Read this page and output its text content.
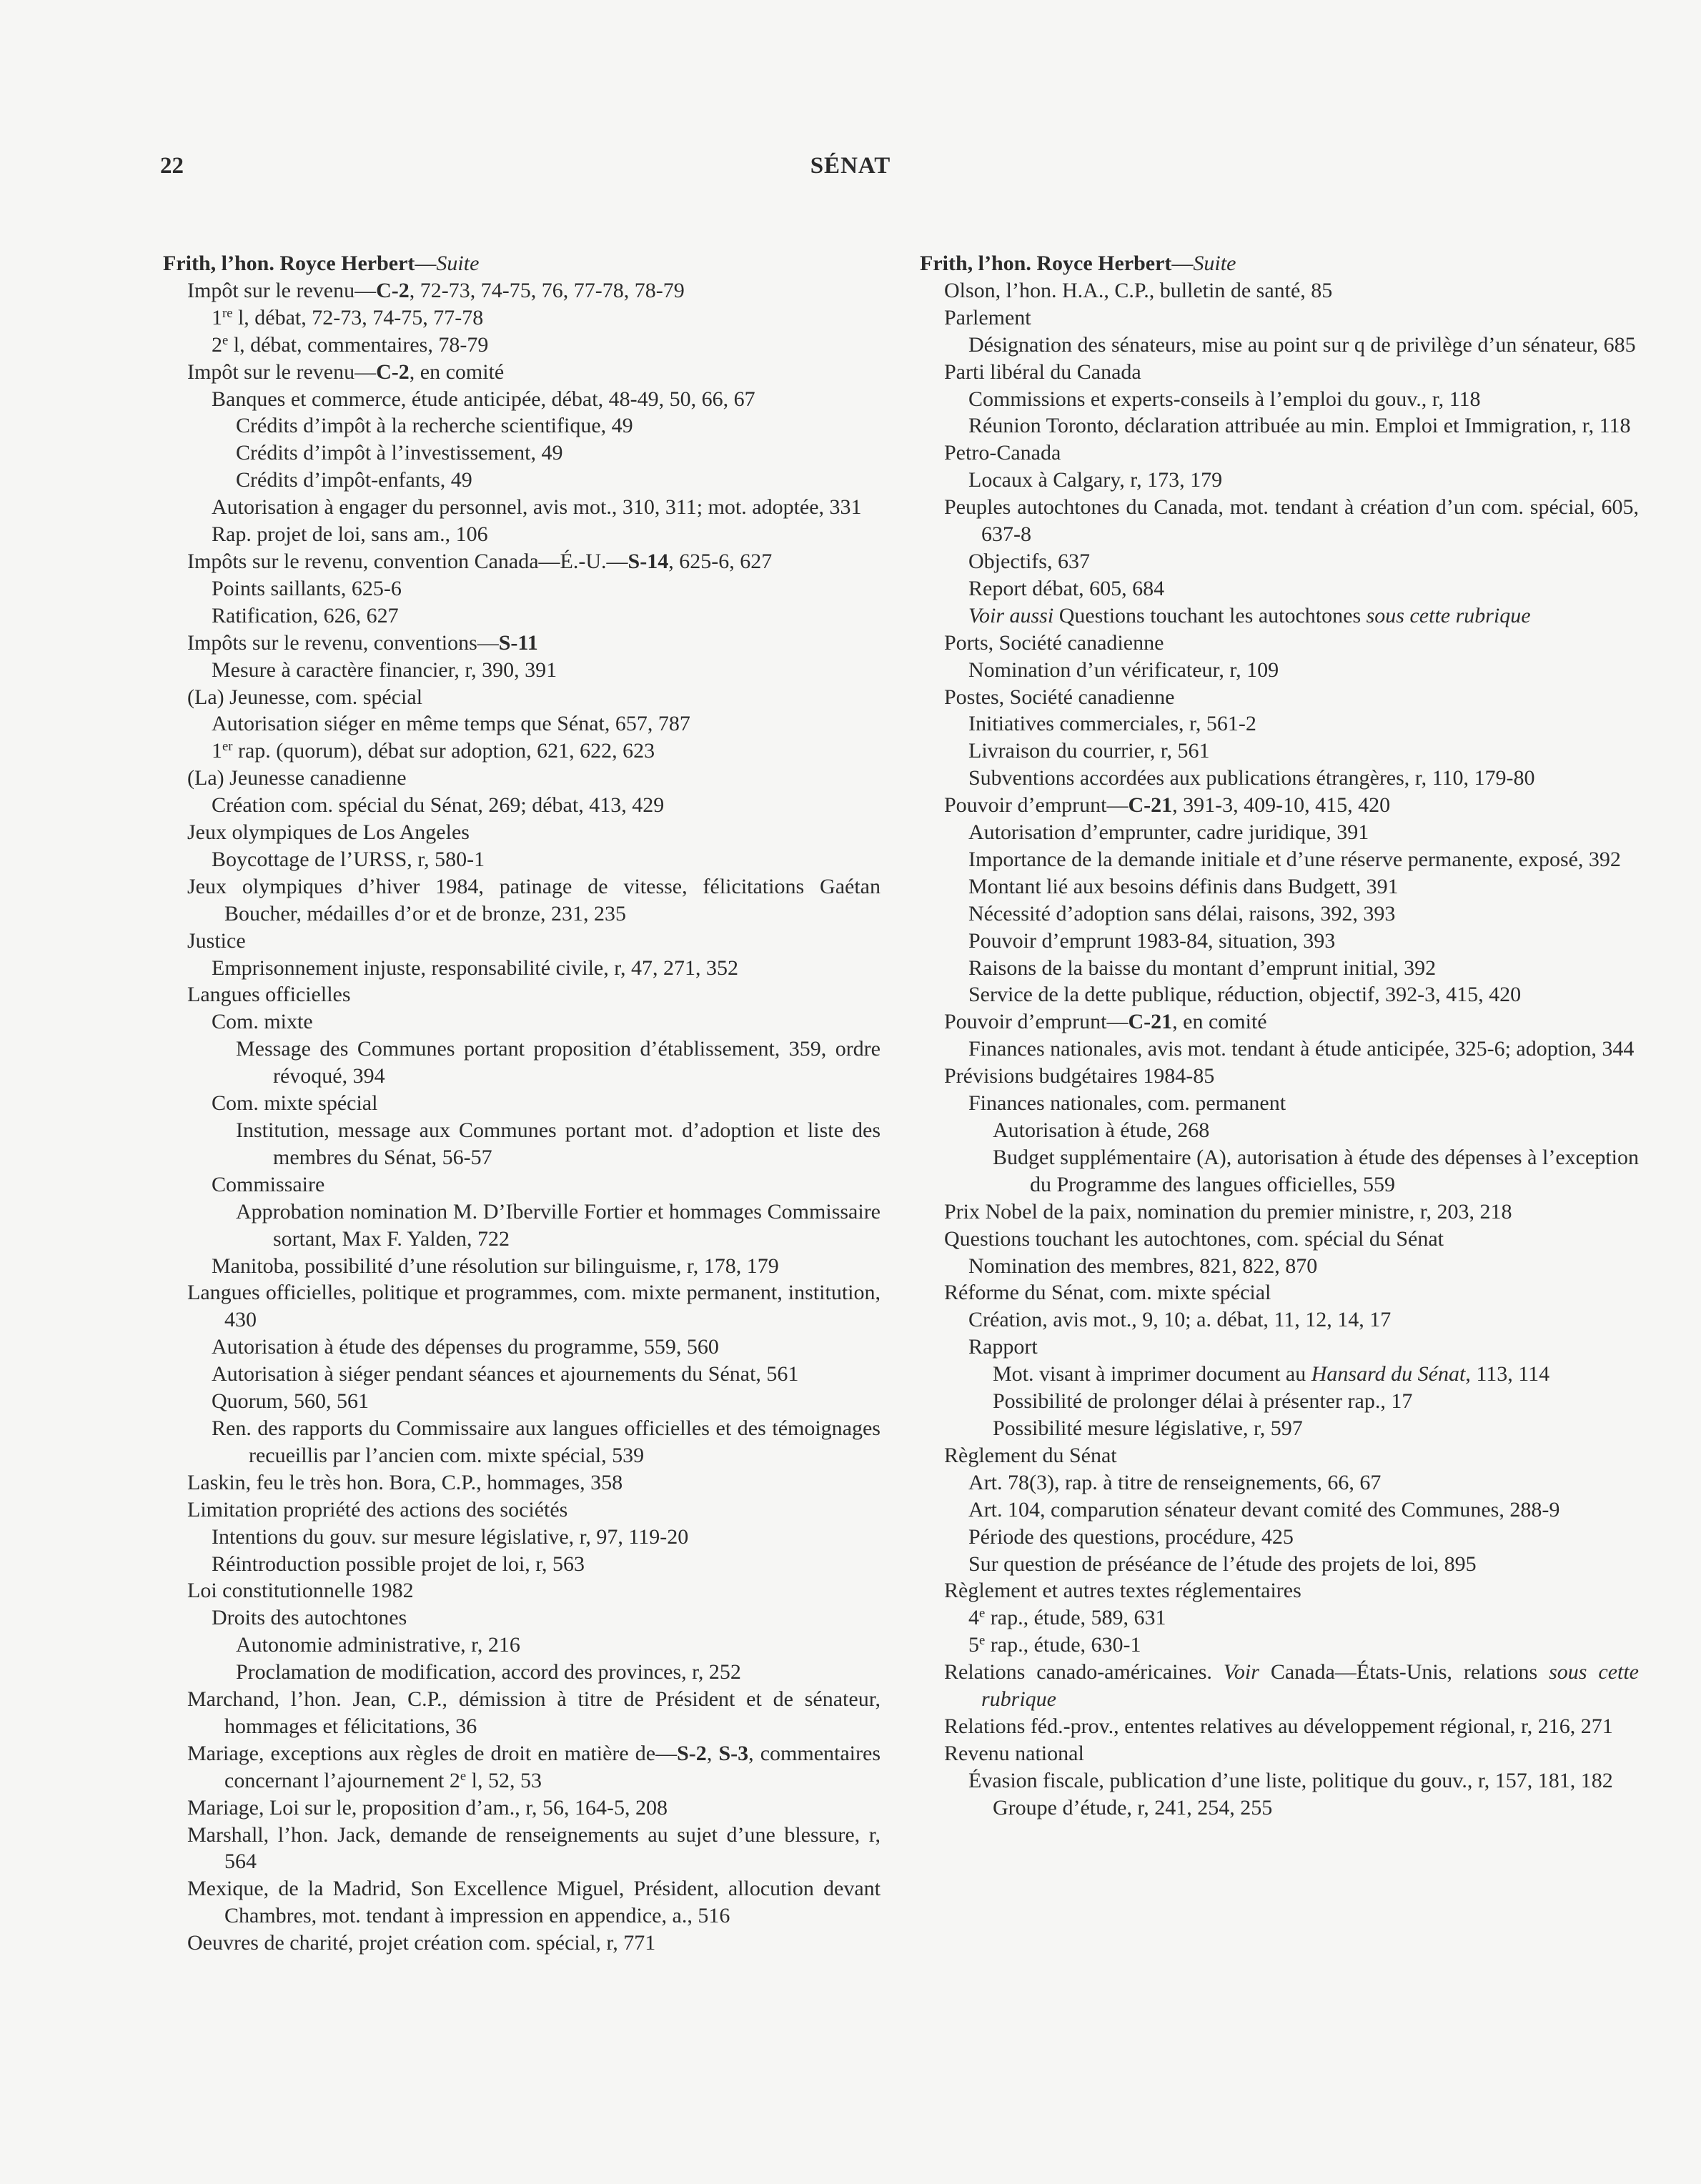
22	SÉNAT
Frith, l’hon. Royce Herbert—Suite
Impôt sur le revenu—C-2, 72-73, 74-75, 76, 77-78, 78-79
1re l, débat, 72-73, 74-75, 77-78
2e l, débat, commentaires, 78-79
Impôt sur le revenu—C-2, en comité
Banques et commerce, étude anticipée, débat, 48-49, 50, 66, 67
Crédits d’impôt à la recherche scientifique, 49
Crédits d’impôt à l’investissement, 49
Crédits d’impôt-enfants, 49
Autorisation à engager du personnel, avis mot., 310, 311; mot. adoptée, 331
Rap. projet de loi, sans am., 106
Impôts sur le revenu, convention Canada—É.-U.—S-14, 625-6, 627
Points saillants, 625-6
Ratification, 626, 627
Impôts sur le revenu, conventions—S-11
Mesure à caractère financier, r, 390, 391
(La) Jeunesse, com. spécial
Autorisation siéger en même temps que Sénat, 657, 787
1er rap. (quorum), débat sur adoption, 621, 622, 623
(La) Jeunesse canadienne
Création com. spécial du Sénat, 269; débat, 413, 429
Jeux olympiques de Los Angeles
Boycottage de l’URSS, r, 580-1
Jeux olympiques d’hiver 1984, patinage de vitesse, félicitations Gaétan Boucher, médailles d’or et de bronze, 231, 235
Justice
Emprisonnement injuste, responsabilité civile, r, 47, 271, 352
Langues officielles
Com. mixte
Message des Communes portant proposition d’établissement, 359, ordre révoqué, 394
Com. mixte spécial
Institution, message aux Communes portant mot. d’adoption et liste des membres du Sénat, 56-57
Commissaire
Approbation nomination M. D’Iberville Fortier et hommages Commissaire sortant, Max F. Yalden, 722
Manitoba, possibilité d’une résolution sur bilinguisme, r, 178, 179
Langues officielles, politique et programmes, com. mixte permanent, institution, 430
Autorisation à étude des dépenses du programme, 559, 560
Autorisation à siéger pendant séances et ajournements du Sénat, 561
Quorum, 560, 561
Ren. des rapports du Commissaire aux langues officielles et des témoignages recueillis par l’ancien com. mixte spécial, 539
Laskin, feu le très hon. Bora, C.P., hommages, 358
Limitation propriété des actions des sociétés
Intentions du gouv. sur mesure législative, r, 97, 119-20
Réintroduction possible projet de loi, r, 563
Loi constitutionnelle 1982
Droits des autochtones
Autonomie administrative, r, 216
Proclamation de modification, accord des provinces, r, 252
Marchand, l’hon. Jean, C.P., démission à titre de Président et de sénateur, hommages et félicitations, 36
Mariage, exceptions aux règles de droit en matière de—S-2, S-3, commentaires concernant l’ajournement 2e l, 52, 53
Mariage, Loi sur le, proposition d’am., r, 56, 164-5, 208
Marshall, l’hon. Jack, demande de renseignements au sujet d’une blessure, r, 564
Mexique, de la Madrid, Son Excellence Miguel, Président, allocution devant Chambres, mot. tendant à impression en appendice, a., 516
Oeuvres de charité, projet création com. spécial, r, 771
Frith, l’hon. Royce Herbert—Suite
Olson, l’hon. H.A., C.P., bulletin de santé, 85
Parlement
Désignation des sénateurs, mise au point sur q de privilège d’un sénateur, 685
Parti libéral du Canada
Commissions et experts-conseils à l’emploi du gouv., r, 118
Réunion Toronto, déclaration attribuée au min. Emploi et Immigration, r, 118
Petro-Canada
Locaux à Calgary, r, 173, 179
Peuples autochtones du Canada, mot. tendant à création d’un com. spécial, 605, 637-8
Objectifs, 637
Report débat, 605, 684
Voir aussi Questions touchant les autochtones sous cette rubrique
Ports, Société canadienne
Nomination d’un vérificateur, r, 109
Postes, Société canadienne
Initiatives commerciales, r, 561-2
Livraison du courrier, r, 561
Subventions accordées aux publications étrangères, r, 110, 179-80
Pouvoir d’emprunt—C-21, 391-3, 409-10, 415, 420
Autorisation d’emprunter, cadre juridique, 391
Importance de la demande initiale et d’une réserve permanente, exposé, 392
Montant lié aux besoins définis dans Budgett, 391
Nécessité d’adoption sans délai, raisons, 392, 393
Pouvoir d’emprunt 1983-84, situation, 393
Raisons de la baisse du montant d’emprunt initial, 392
Service de la dette publique, réduction, objectif, 392-3, 415, 420
Pouvoir d’emprunt—C-21, en comité
Finances nationales, avis mot. tendant à étude anticipée, 325-6; adoption, 344
Prévisions budgétaires 1984-85
Finances nationales, com. permanent
Autorisation à étude, 268
Budget supplémentaire (A), autorisation à étude des dépenses à l’exception du Programme des langues officielles, 559
Prix Nobel de la paix, nomination du premier ministre, r, 203, 218
Questions touchant les autochtones, com. spécial du Sénat
Nomination des membres, 821, 822, 870
Réforme du Sénat, com. mixte spécial
Création, avis mot., 9, 10; a. débat, 11, 12, 14, 17
Rapport
Mot. visant à imprimer document au Hansard du Sénat, 113, 114
Possibilité de prolonger délai à présenter rap., 17
Possibilité mesure législative, r, 597
Règlement du Sénat
Art. 78(3), rap. à titre de renseignements, 66, 67
Art. 104, comparution sénateur devant comité des Communes, 288-9
Période des questions, procédure, 425
Sur question de préséance de l’étude des projets de loi, 895
Règlement et autres textes réglementaires
4e rap., étude, 589, 631
5e rap., étude, 630-1
Relations canado-américaines. Voir Canada—États-Unis, relations sous cette rubrique
Relations féd.-prov., ententes relatives au développement régional, r, 216, 271
Revenu national
Évasion fiscale, publication d’une liste, politique du gouv., r, 157, 181, 182
Groupe d’étude, r, 241, 254, 255
